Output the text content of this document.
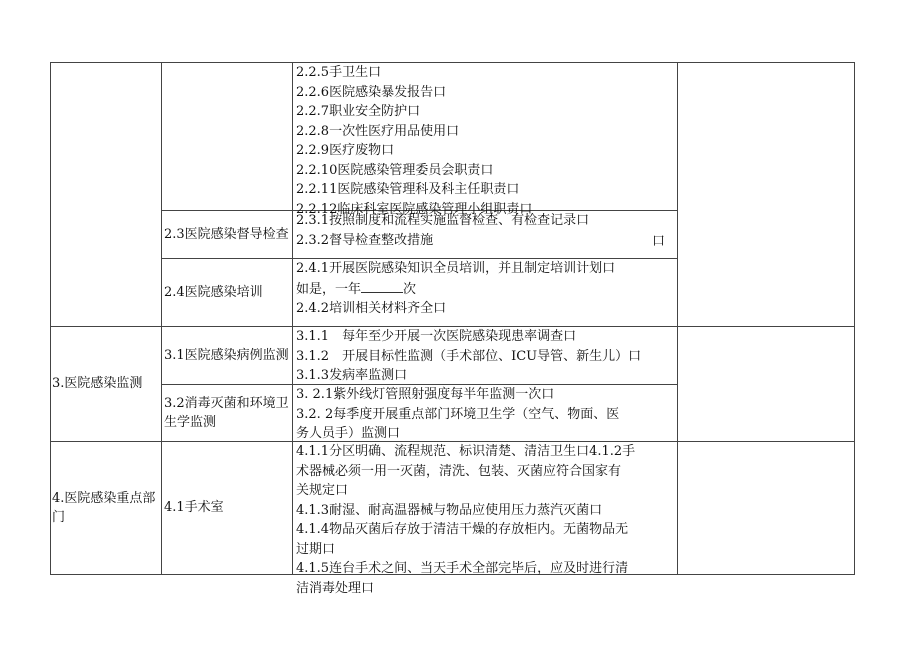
2.2.5手卫生口
2.2.6医院感染暴发报告口
2.2.7职业安全防护口
2.2.8一次性医疗用品使用口
2.2.9医疗废物口
2.2.10医院感染管理委员会职责口
2.2.11医院感染管理科及科主任职责口
2.2.12临床科室医院感染管理小组职责口
2.3医院感染督导检查
2.3.1按照制度和流程实施监督检查、有检查记录口
2.3.2督导检查整改措施	口
2.4医院感染培训
2.4.1开展医院感染知识全员培训，并且制定培训计划口
如是，一年	次
2.4.2培训相关材料齐全口
3.医院感染监测
3.1医院感染病例监测
3.1.1　每年至少开展一次医院感染现患率调查口
3.1.2　开展目标性监测（手术部位、ICU导管、新生儿）口
3.1.3发病率监测口
3.2消毒灭菌和环境卫生学监测
3. 2.1紫外线灯管照射强度每半年监测一次口
3.2. 2每季度开展重点部门环境卫生学（空气、物面、医
务人员手）监测口
4.医院感染重点部门
4.1手术室
4.1.1分区明确、流程规范、标识清楚、清洁卫生口4.1.2手
术器械必须一用一灭菌，清洗、包装、灭菌应符合国家有
关规定口
4.1.3耐湿、耐高温器械与物品应使用压力蒸汽灭菌口
4.1.4物品灭菌后存放于清洁干燥的存放柜内。无菌物品无
过期口
4.1.5连台手术之间、当天手术全部完毕后，应及时进行清
洁消毒处理口
